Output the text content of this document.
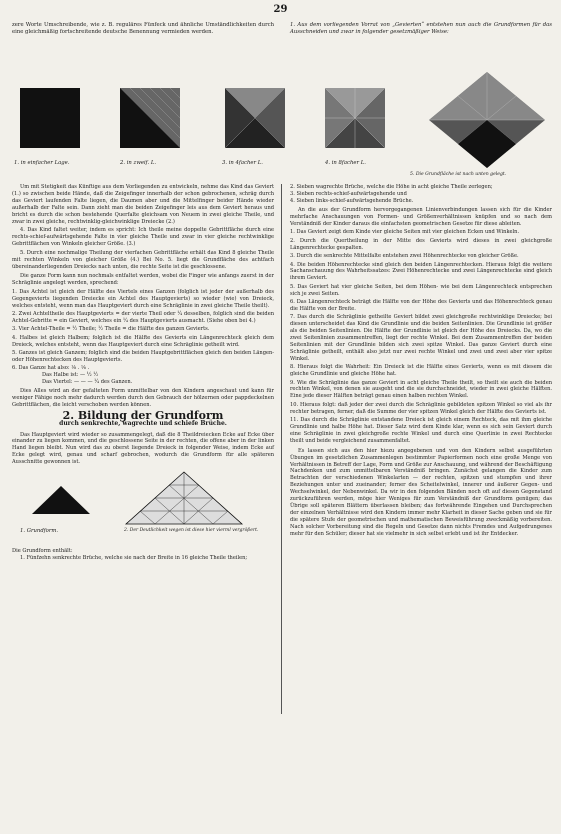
29
zere Worte Umschreibende, wie z. B. reguläres Fünfeck und ähnliche Umständlichkeiten durch eine gleichmäßig fortschreitende deutsche Benennung vermieden werden.
1. Aus dem vorliegenden Vorrat von „Gevierten“ entstehen nun auch die Grundformen für das Ausschneiden und zwar in folgender gesetzmäßiger Weise:
1. in einfacher Lage.	2. in zweif. L.	3. in 4facher L.	4. in 8facher L.
5. Die Grundfläche ist nach unten gelegt.

Um mit Stetigkeit das Künftige aus dem Vorliegenden zu entwickeln, nehme das Kind das Geviert (1.) so zwischen beide Hände, daß die Zeigefinger innerhalb der schon gebrochenen, schräg durch das Geviert laufenden Falte liegen, die Daumen aber und die Mittelfinger beider Hände wieder außerhalb der Falte sein. Dann zieht man die beiden Zeigefinger leis aus dem Geviert heraus und bricht es durch die schon bestehende Querfalte gleichsam von Neuem in zwei gleiche Theile, und zwar in zwei gleiche, rechtwinklig-gleichwinklige Dreiecke (2.)

4. Das Kind faltet weiter, indem es spricht: Ich theile meine doppelte Gebrittfläche durch eine rechts-schief-aufwärtsgehende Falte in vier gleiche Theile und zwar in vier gleiche rechtwinklige Gebrittflächen von Winkeln gleicher Größe. (3.)

5. Durch eine nochmalige Theilung der vierfachen Gebrittfläche erhält das Kind 8 gleiche Theile mit rechten Winkeln von gleicher Größe (4.) Bei No. 5. liegt die Grundfläche des achtfach übereinanderliegenden Dreiecks nach unten, die rechte Seite ist die geschlossene.

Die ganze Form kann nun nochmals entfaltet werden, wobei die Finger wie anfangs zuerst in der Schräglinie angelegt werden, sprechend:

1. Das Achtel ist gleich der Hälfte des Viertels eines Ganzen (folglich ist jeder der außerhalb des Gegengevierts liegenden Dreiecke ein Achtel des Hauptgevierts) so wieder (wie) von Dreieck, welches entsteht, wenn man das Hauptgeviert durch eine Schräglinie in zwei gleiche Theile theilt).
2. Zwei Achteltheile des Hauptgevierts = der vierte Theil oder ¼ desselben, folglich sind die beiden Achtel-Gebritte = ein Geviert, welches ein ¼ des Hauptgevierts ausmacht. (Siehe oben bei 4.)
3. Vier Achtel-Theile = ½ Theile; ½ Theile = die Hälfte des ganzen Gevierts.
4. Halbes ist gleich Halbem; folglich ist die Hälfte des Gevierts ein Längenrechteck gleich dem Dreieck, welches entsteht, wenn das Hauptgeviert durch eine Schräglinie getheilt wird.
5. Ganzes ist gleich Ganzem; folglich sind die beiden Hauptgebrittflächen gleich den beiden Längen- oder Höhenrechtecken des Hauptgevierts.
6. Das Ganze hat also: ⅛ . ⅛ .
Das Halbe ist: — ½ ½
Das Viertel: — — — ¼ des Ganzen.

Dies Alles wird an der gefalteten Form unmittelbar von den Kindern angeschaut und kann für weniger Fähige noch mehr dadurch werden durch den Gebrauch der hölzernen oder pappdeckelnen Gebrittflächen, die leicht verschoben werden können.

2. Bildung der Grundform
durch senkrechte, wagrechte und schiefe Brüche.

Das Hauptgeviert wird wieder so zusammengelegt, daß die 8 Theildreiecken Ecke auf Ecke über einander zu liegen kommen, und die geschlossene Seite in der rechten, die offene aber in der linken Hand liegen bleibt. Nun wird das zu oberst liegende Dreieck in folgender Weise, indem Ecke auf Ecke gelegt wird, genau und scharf gebrochen, wodurch die Grundform für alle späteren Ausschnitte gewonnen ist.

1. Grundform.	2. Der Deutlichkeit wegen ist diese hier vierml vergrößert.
Die Grundform enthält:
1. Fünfzehn senkrechte Brüche, welche sie nach der Breite in 16 gleiche Theile theilen;
2. Sieben wagrechte Brüche, welche die Höhe in acht gleiche Theile zerlegen;
3. Sieben rechts-schief-aufwärtsgehende und
4. Sieben links-schief-aufwärtsgehende Brüche.

An die aus der Grundform hervorgegangenen Linienverbindungen lassen sich für die Kinder mehrfache Anschauungen von Formen- und Größenverhältnissen knüpfen und so nach dem Verständniß der Kinder daraus die einfachsten geometrischen Gesetze für diese ableiten.

1. Das Geviert zeigt dem Kinde vier gleiche Seiten mit vier gleichen Ecken und Winkeln.
2. Durch die Quertheilung in der Mitte des Gevierts wird dieses in zwei gleichgroße Längenrechtecke gespalten.
3. Durch die senkrechte Mittelfalte entstehen zwei Höhenrechtecke von gleicher Größe.
4. Die beiden Höhenrechtecke sind gleich den beiden Längenrechtecken. Hieraus folgt die weitere Sachanschauung des Wahrheitssatzes: Zwei Höhenrechtecke und zwei Längenrechtecke sind gleich ihrem Geviert.
5. Das Geviert hat vier gleiche Seiten, bei dem Höhen- wie bei dem Längenrechteck entsprechen sich je zwei Seiten.
6. Das Längenrechteck beträgt die Hälfte von der Höhe des Gevierts und das Höhenrechteck genau die Hälfte von der Breite.
7. Das durch die Schräglinie getheilte Geviert bildet zwei gleichgroße rechtwinklige Dreiecke; bei diesen unterscheidet das Kind die Grundlinie und die beiden Seitenlinien. Die Grundlinie ist größer als die beiden Seitenlinien. Die Hälfte der Grundlinie ist gleich der Höhe des Dreiecks. Da, wo die zwei Seitenlinien zusammentreffen, liegt der rechte Winkel. Bei dem Zusammentreffen der beiden Seitenlinien mit der Grundlinie bilden sich zwei spitze Winkel. Das ganze Geviert durch eine Schräglinie getheilt, enthält also jetzt nur zwei rechte Winkel und zwei und zwei aber vier spitze Winkel.
8. Hieraus folgt die Wahrheit: Ein Dreieck ist die Hälfte eines Gevierts, wenn es mit diesem die gleiche Grundlinie und gleiche Höhe hat.
9. Wie die Schräglinie das ganze Geviert in acht gleiche Theile theilt, so theilt sie auch die beiden rechten Winkel, von denen sie ausgeht und die sie durchschneidet, wieder in zwei gleiche Hälften. Eine jede dieser Hälften beträgt genau einen halben rechten Winkel.
10. Hieraus folgt: daß jeder der zwei durch die Schräglinie gebildeten spitzen Winkel so viel als ihr rechter betragen, ferner, daß die Summe der vier spitzen Winkel gleich der Hälfte des Gevierts ist.
11. Das durch die Schräglinie entstandene Dreieck ist gleich einem Rechteck, das mit ihm gleiche Grundlinie und halbe Höhe hat. Dieser Satz wird dem Kinde klar, wenn es sich sein Geviert durch eine Schräglinie in zwei gleichgroße rechte Winkel und durch eine Querlinie in zwei Rechtecke theilt und beide vergleichend zusammenfaltet.

Es lassen sich aus den hier hiezu angegebenen und von den Kindern selbst ausgeführten Übungen im gesetzlichen Zusammenlegen bestimmter Papierformen noch eine große Menge von Verhältnissen in Betreff der Lage, Form und Größe zur Anschauung, und während der Beschäftigung Nachdenken und zum unmittelbaren Verständniß bringen. Zunächst gelangen die Kinder zum Betrachten der verschiedenen Winkelarten — der rechten, spitzen und stumpfen und ihrer Beziehungen unter und zueinander; ferner des Scheitelwinkel, innerer und äußerer Gegen- und Wechselwinkel, der Nebenwinkel. Da wir in den folgenden Bänden noch oft auf diesen Gegenstand zurückzuführen werden, möge hier Weniges für zum Verständniß der Grundform genügen; das Übrige soll späteren Blättern überlassen bleiben; das fortwährende Eingehen und Durchsprechen der einzelnen Verhältnisse wird den Kindern immer mehr Klarheit in dieser Sache geben und sie für die spätere Stufe der geometrischen und mathematischen Beweisführung zweckmäßig vorbereiten. Nach solcher Vorbereitung sind die Regeln und Gesetze dann nichts Fremdes und Aufgedrungenes mehr für den Schüler; dieser hat sie vielmehr in sich selbst erlebt und ist ihr Entdecker.
